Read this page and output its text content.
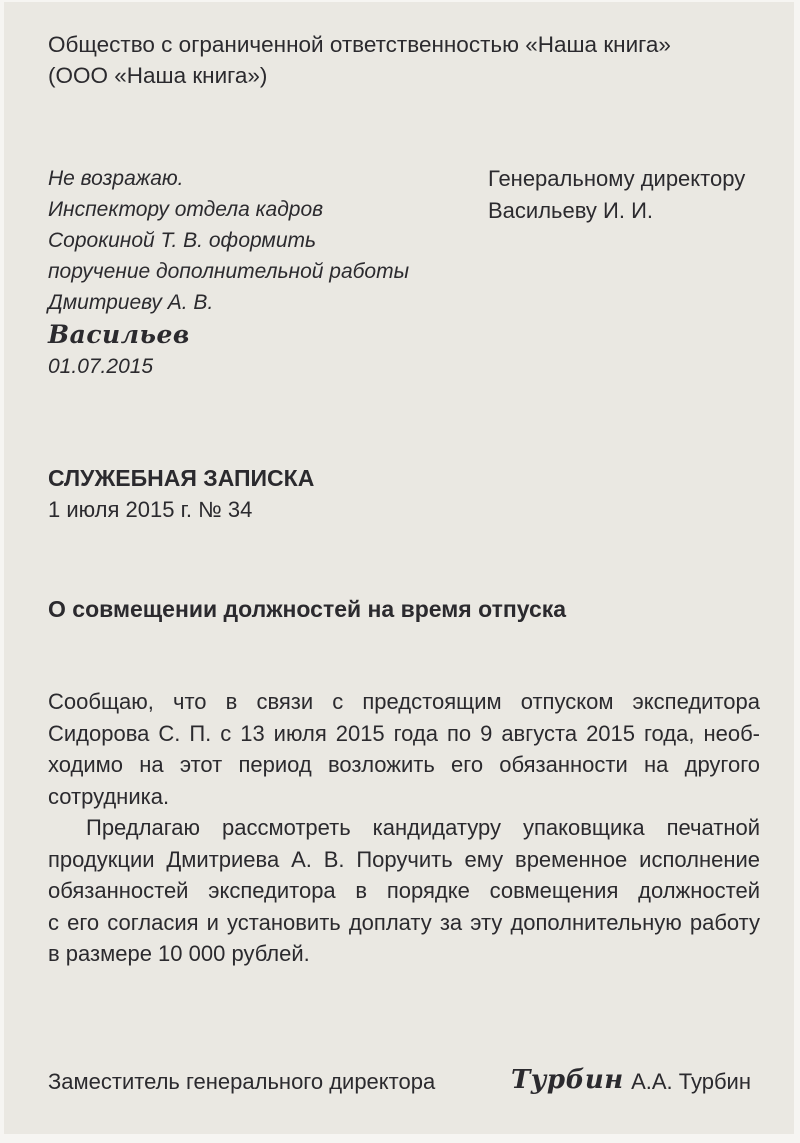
Общество с ограниченной ответственностью «Наша книга»
(ООО «Наша книга»)
Не возражаю.
Инспектору отдела кадров
Сорокиной Т. В. оформить
поручение дополнительной работы
Дмитриеву А. В.
Васильев
01.07.2015
Генеральному директору
Васильеву И. И.
СЛУЖЕБНАЯ ЗАПИСКА
1 июля 2015 г. № 34
О совмещении должностей на время отпуска
Сообщаю, что в связи с предстоящим отпуском экспедитора
Сидорова С. П. с 13 июля 2015 года по 9 августа 2015 года, необ-
ходимо на этот период возложить его обязанности на другого
сотрудника.
Предлагаю рассмотреть кандидатуру упаковщика печатной
продукции Дмитриева А. В. Поручить ему временное исполнение
обязанностей экспедитора в порядке совмещения должностей
с его согласия и установить доплату за эту дополнительную работу
в размере 10 000 рублей.
Заместитель генерального директора	Турбин А.А. Турбин
